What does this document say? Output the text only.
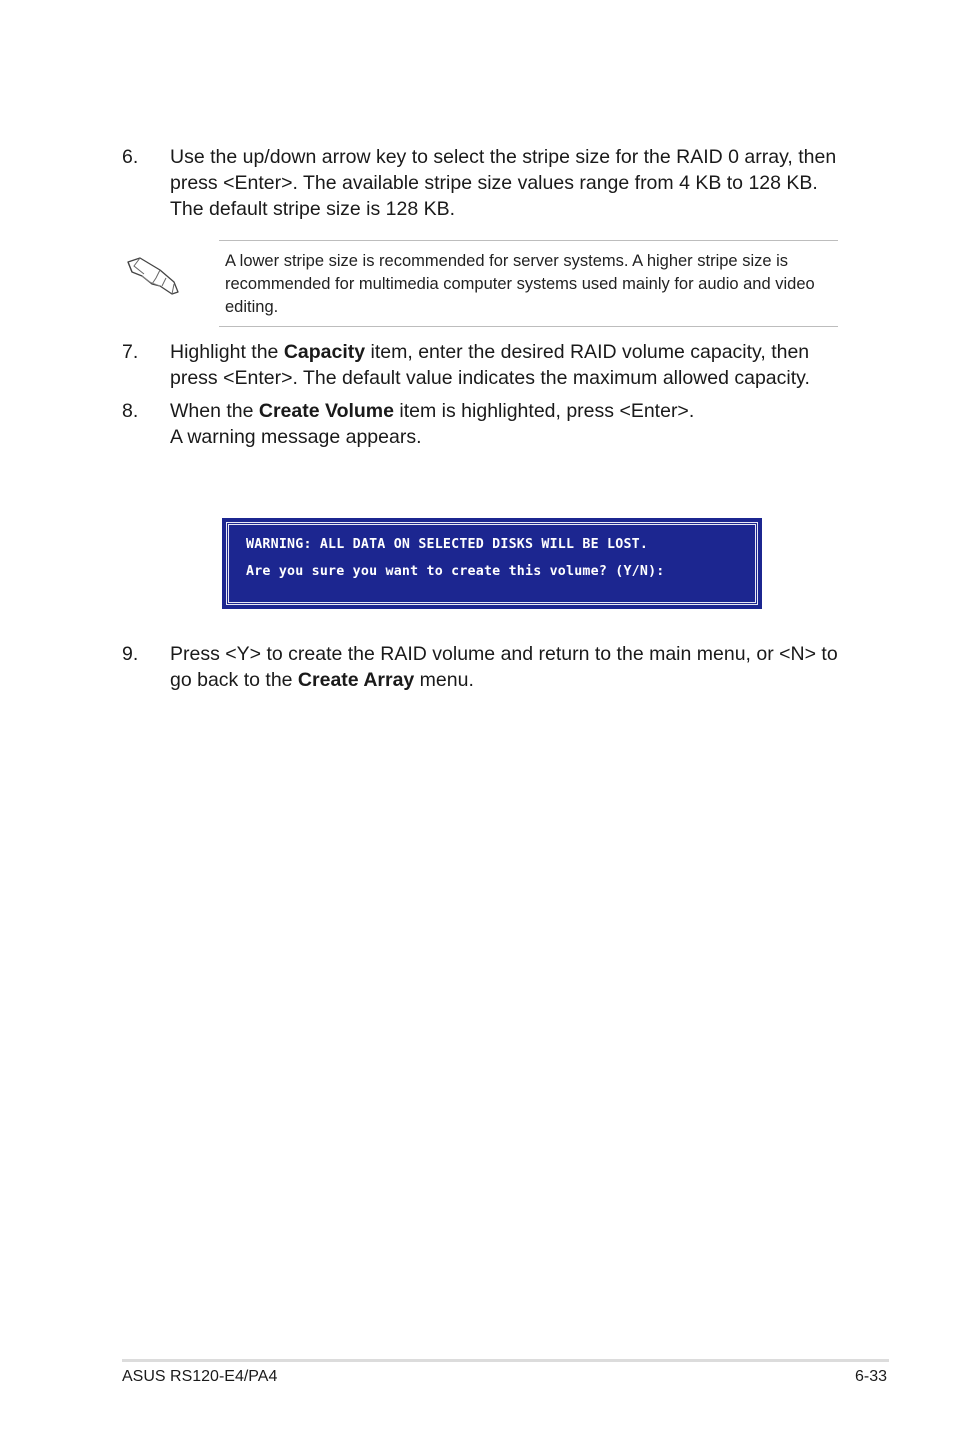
6. Use the up/down arrow key to select the stripe size for the RAID 0 array, then press <Enter>. The available stripe size values range from 4 KB to 128 KB. The default stripe size is 128 KB.
A lower stripe size is recommended for server systems. A higher stripe size is recommended for multimedia computer systems used mainly for audio and video editing.
7. Highlight the Capacity item, enter the desired RAID volume capacity, then press <Enter>. The default value indicates the maximum allowed capacity.
8. When the Create Volume item is highlighted, press <Enter>.
A warning message appears.
WARNING: ALL DATA ON SELECTED DISKS WILL BE LOST.
Are you sure you want to create this volume? (Y/N):
9. Press <Y> to create the RAID volume and return to the main menu, or <N> to go back to the Create Array menu.
ASUS RS120-E4/PA4	6-33
